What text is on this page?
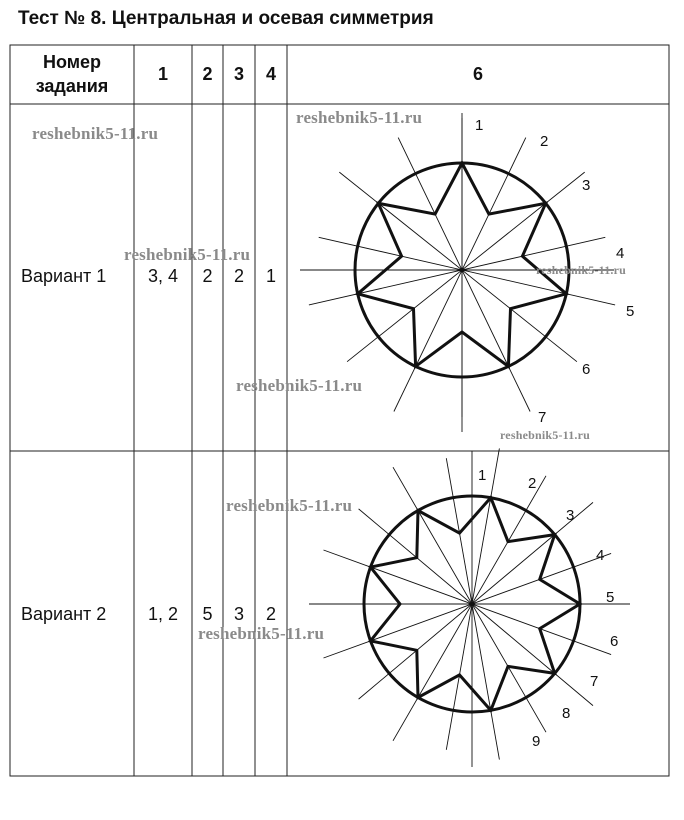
Тест № 8. Центральная и осевая симметрия
Номер
задания
1	2	3	4	6
Вариант 1	3, 4	2	2	1
Вариант 2	1, 2	5	3	2
1
2
3
4
5
6
7
1	2
3
4
5
6
7
8
9
reshebnik5-11.ru
reshebnik5-11.ru
reshebnik5-11.ru
reshebnik5-11.ru
reshebnik5-11.ru
reshebnik5-11.ru
reshebnik5-11.ru
reshebnik5-11.ru
